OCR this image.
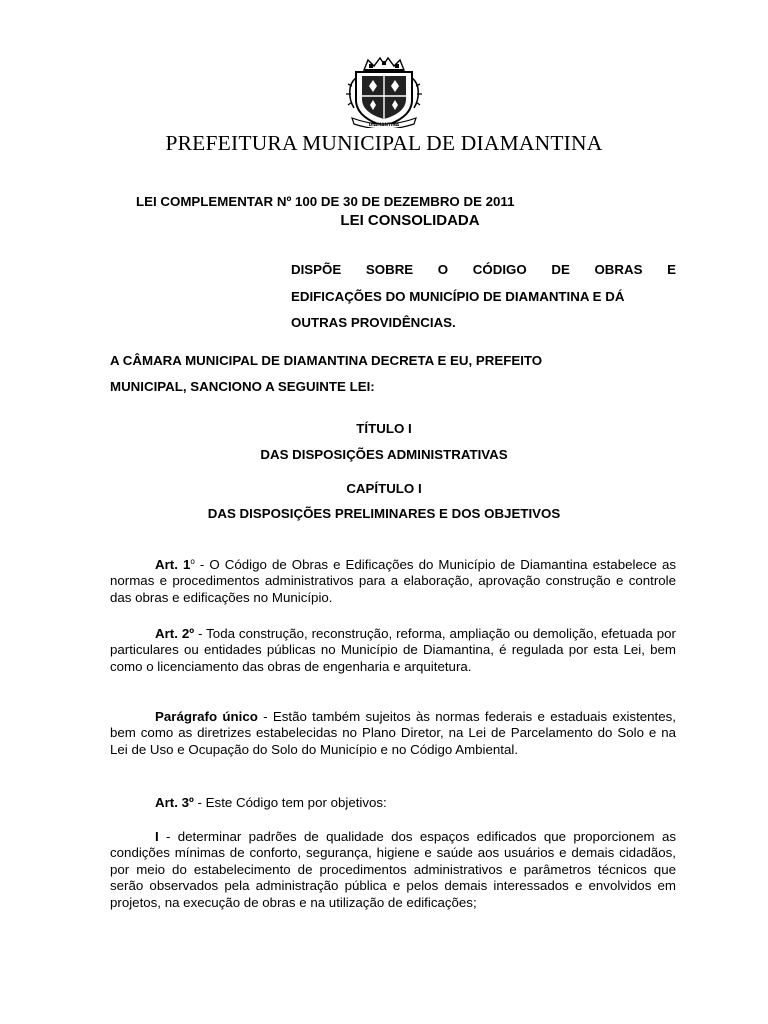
DIAMANTINA
PREFEITURA MUNICIPAL DE DIAMANTINA
LEI COMPLEMENTAR Nº 100 DE 30 DE DEZEMBRO DE 2011
LEI CONSOLIDADA
DISPÕE SOBRE O CÓDIGO DE OBRAS E
EDIFICAÇÕES DO MUNICÍPIO DE DIAMANTINA E DÁ
OUTRAS PROVIDÊNCIAS.
A CÂMARA MUNICIPAL DE DIAMANTINA DECRETA E EU, PREFEITO
MUNICIPAL, SANCIONO A SEGUINTE LEI:
TÍTULO I
DAS DISPOSIÇÕES ADMINISTRATIVAS
CAPÍTULO I
DAS DISPOSIÇÕES PRELIMINARES E DOS OBJETIVOS
Art. 1$^o$ - O Código de Obras e Edificações do Município de Diamantina estabelece as normas e procedimentos administrativos para a elaboração, aprovação construção e controle das obras e edificações no Município.
Art. 2º - Toda construção, reconstrução, reforma, ampliação ou demolição, efetuada por particulares ou entidades públicas no Município de Diamantina, é regulada por esta Lei, bem como o licenciamento das obras de engenharia e arquitetura.
Parágrafo único - Estão também sujeitos às normas federais e estaduais existentes, bem como as diretrizes estabelecidas no Plano Diretor, na Lei de Parcelamento do Solo e na Lei de Uso e Ocupação do Solo do Município e no Código Ambiental.
Art. 3º - Este Código tem por objetivos:
I - determinar padrões de qualidade dos espaços edificados que proporcionem as condições mínimas de conforto, segurança, higiene e saúde aos usuários e demais cidadãos, por meio do estabelecimento de procedimentos administrativos e parâmetros técnicos que serão observados pela administração pública e pelos demais interessados e envolvidos em projetos, na execução de obras e na utilização de edificações;
